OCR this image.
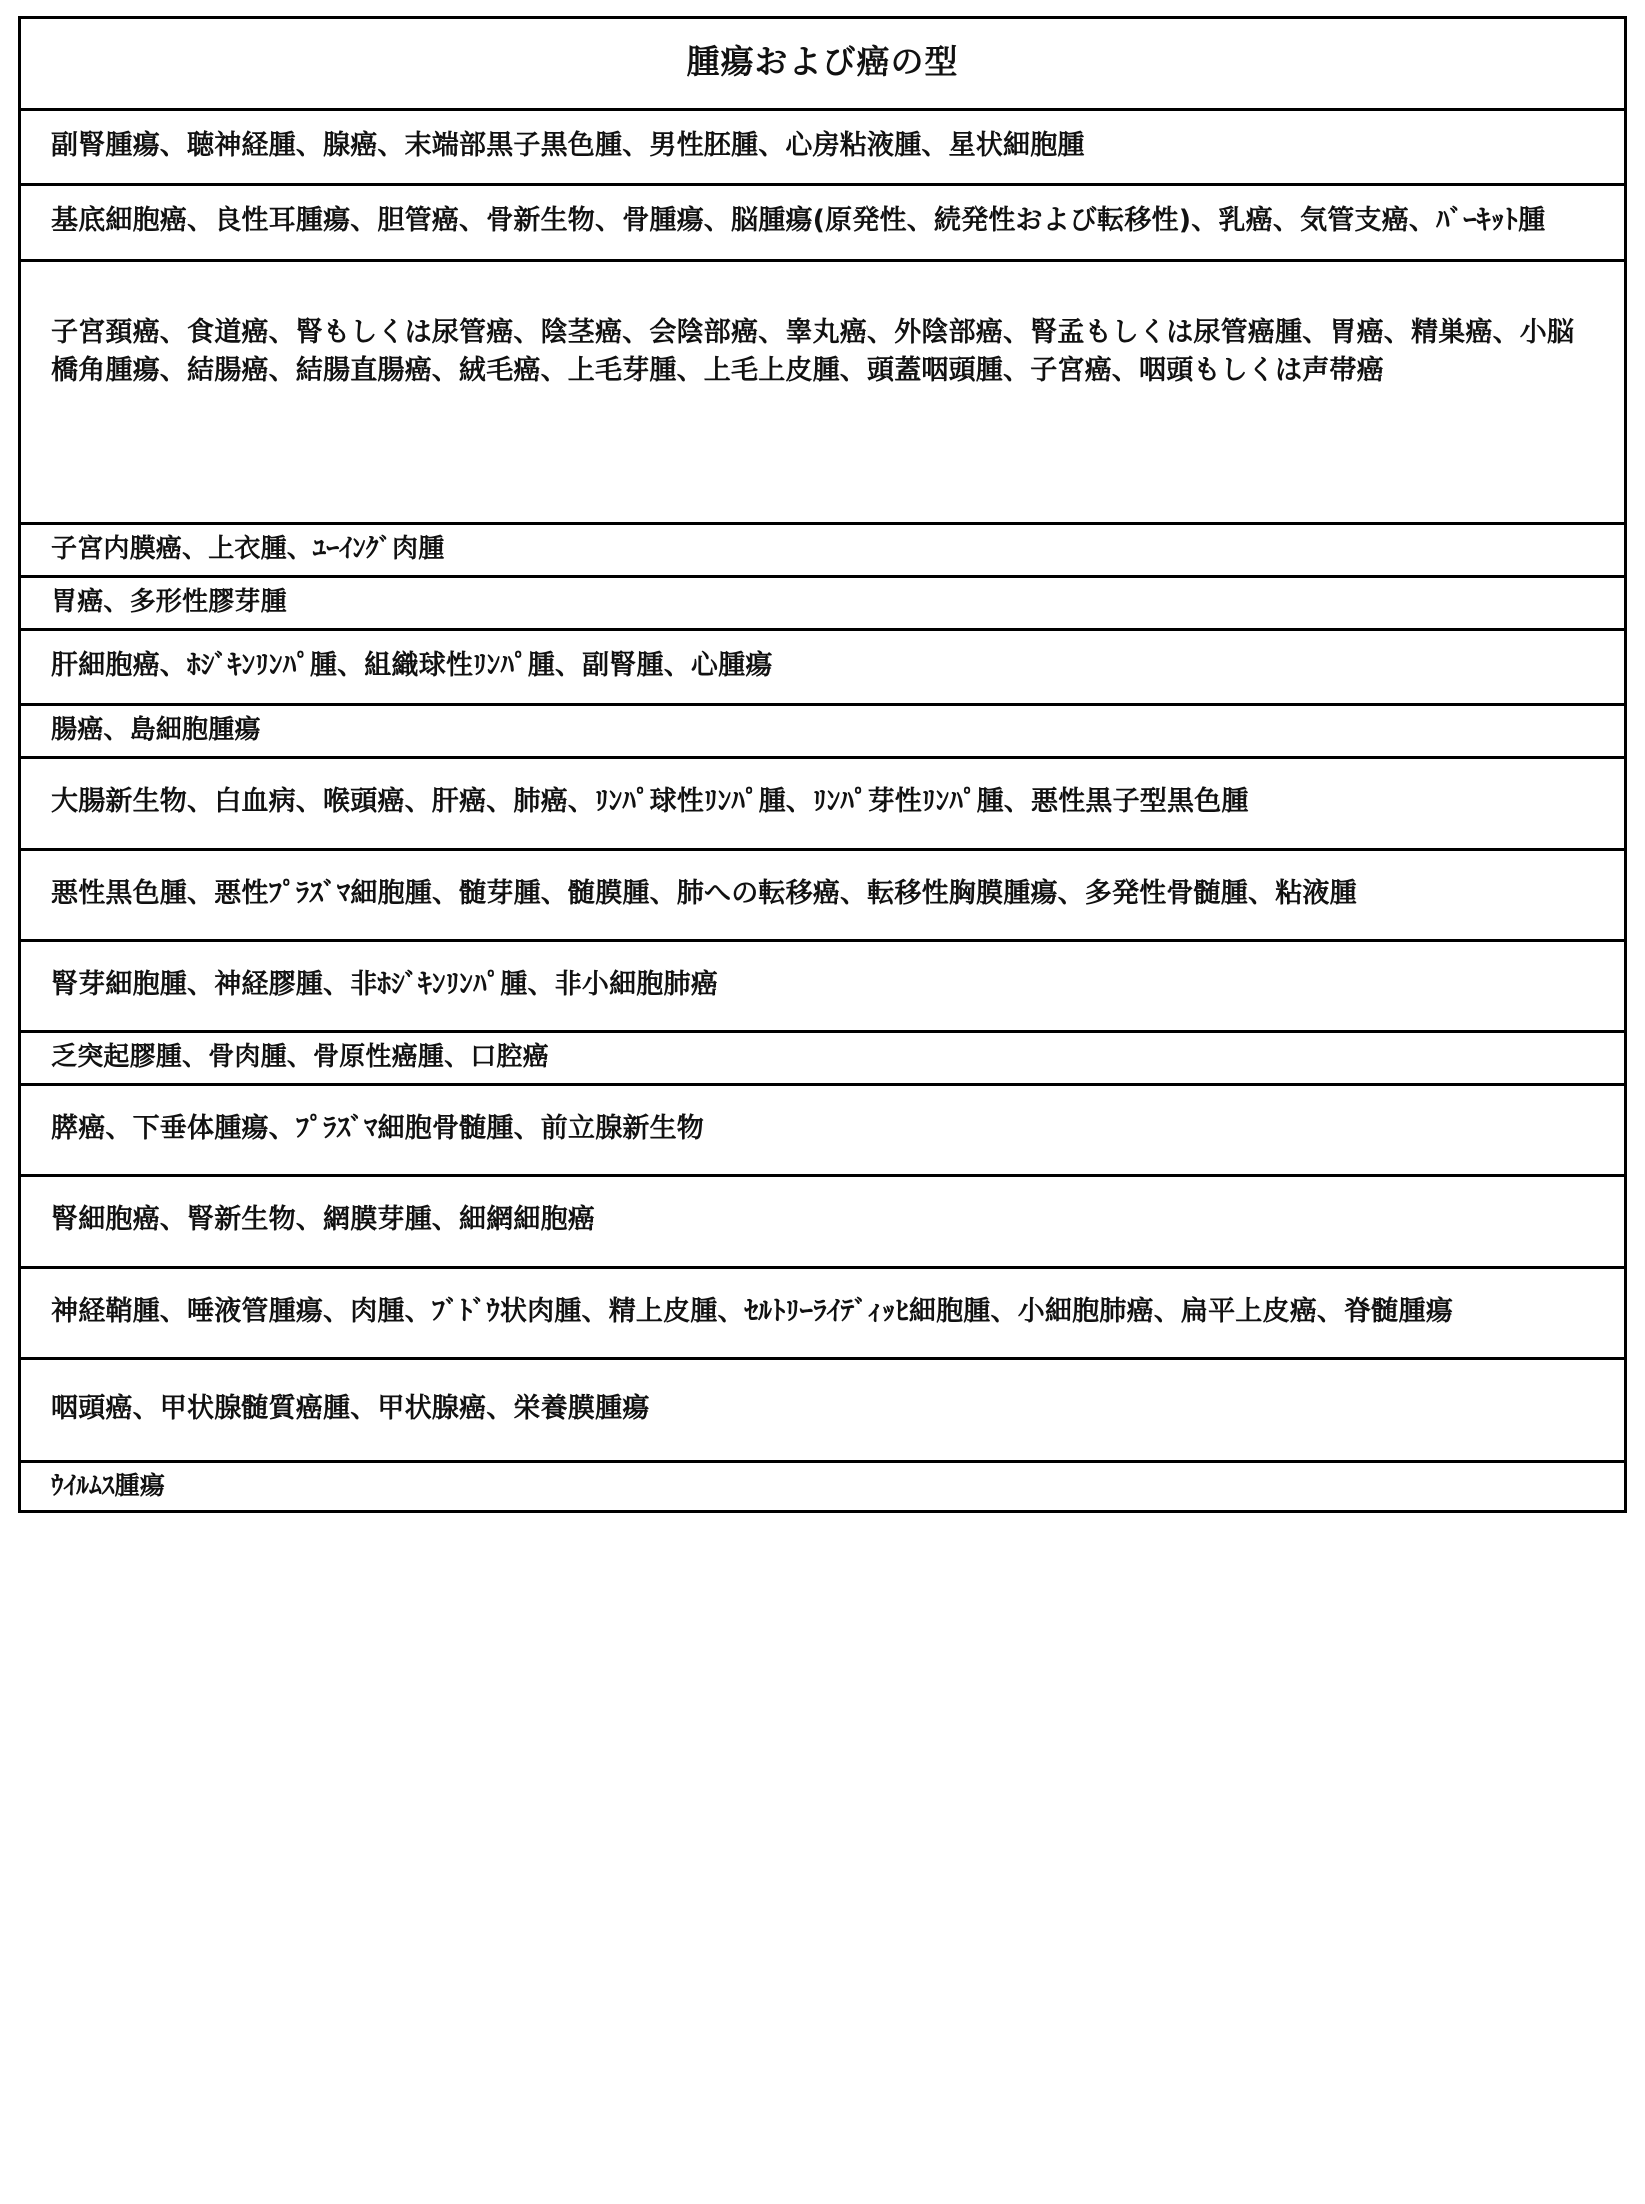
腫瘍および癌の型
副腎腫瘍、聴神経腫、腺癌、末端部黒子黒色腫、男性胚腫、心房粘液腫、星状細胞腫
基底細胞癌、良性耳腫瘍、胆管癌、骨新生物、骨腫瘍、脳腫瘍(原発性、続発性および転移性)、乳癌、気管支癌、ﾊﾞｰｷｯﾄ腫
子宮頚癌、食道癌、腎もしくは尿管癌、陰茎癌、会陰部癌、睾丸癌、外陰部癌、腎孟もしくは尿管癌腫、胃癌、精巣癌、小脳橋角腫瘍、結腸癌、結腸直腸癌、絨毛癌、上毛芽腫、上毛上皮腫、頭蓋咽頭腫、子宮癌、咽頭もしくは声帯癌
子宮内膜癌、上衣腫、ﾕｰｲﾝｸﾞ肉腫
胃癌、多形性膠芽腫
肝細胞癌、ﾎｼﾞｷﾝﾘﾝﾊﾟ腫、組織球性ﾘﾝﾊﾟ腫、副腎腫、心腫瘍
腸癌、島細胞腫瘍
大腸新生物、白血病、喉頭癌、肝癌、肺癌、ﾘﾝﾊﾟ球性ﾘﾝﾊﾟ腫、ﾘﾝﾊﾟ芽性ﾘﾝﾊﾟ腫、悪性黒子型黒色腫
悪性黒色腫、悪性ﾌﾟﾗｽﾞﾏ細胞腫、髄芽腫、髄膜腫、肺への転移癌、転移性胸膜腫瘍、多発性骨髄腫、粘液腫
腎芽細胞腫、神経膠腫、非ﾎｼﾞｷﾝﾘﾝﾊﾟ腫、非小細胞肺癌
乏突起膠腫、骨肉腫、骨原性癌腫、口腔癌
膵癌、下垂体腫瘍、ﾌﾟﾗｽﾞﾏ細胞骨髄腫、前立腺新生物
腎細胞癌、腎新生物、網膜芽腫、細網細胞癌
神経鞘腫、唾液管腫瘍、肉腫、ﾌﾞﾄﾞｳ状肉腫、精上皮腫、ｾﾙﾄﾘｰﾗｲﾃﾞｨｯﾋ細胞腫、小細胞肺癌、扁平上皮癌、脊髄腫瘍
咽頭癌、甲状腺髄質癌腫、甲状腺癌、栄養膜腫瘍
ｳｲﾙﾑｽ腫瘍
